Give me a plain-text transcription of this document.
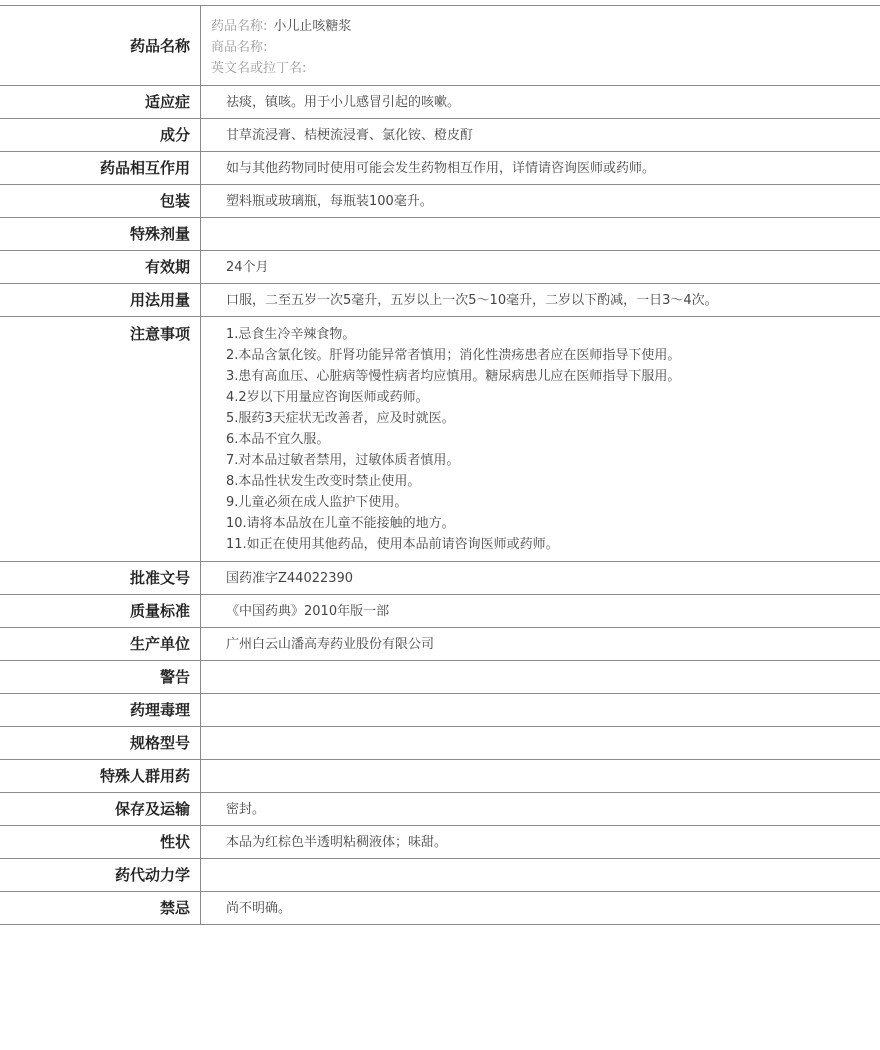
药品名称
药品名称: 小儿止咳糖浆
商品名称:
英文名或拉丁名:
适应症	祛痰，镇咳。用于小儿感冒引起的咳嗽。
成分	甘草流浸膏、桔梗流浸膏、氯化铵、橙皮酊
药品相互作用	如与其他药物同时使用可能会发生药物相互作用，详情请咨询医师或药师。
包装	塑料瓶或玻璃瓶，每瓶装100毫升。
特殊剂量
有效期	24个月
用法用量	口服，二至五岁一次5毫升，五岁以上一次5～10毫升，二岁以下酌减，一日3～4次。
注意事项	1.忌食生冷辛辣食物。
2.本品含氯化铵。肝肾功能异常者慎用；消化性溃疡患者应在医师指导下使用。
3.患有高血压、心脏病等慢性病者均应慎用。糖尿病患儿应在医师指导下服用。
4.2岁以下用量应咨询医师或药师。
5.服药3天症状无改善者，应及时就医。
6.本品不宜久服。
7.对本品过敏者禁用，过敏体质者慎用。
8.本品性状发生改变时禁止使用。
9.儿童必须在成人监护下使用。
10.请将本品放在儿童不能接触的地方。
11.如正在使用其他药品，使用本品前请咨询医师或药师。
批准文号	国药准字Z44022390
质量标准	《中国药典》2010年版一部
生产单位	广州白云山潘高寿药业股份有限公司
警告
药理毒理
规格型号
特殊人群用药
保存及运输	密封。
性状	本品为红棕色半透明粘稠液体；味甜。
药代动力学
禁忌	尚不明确。
